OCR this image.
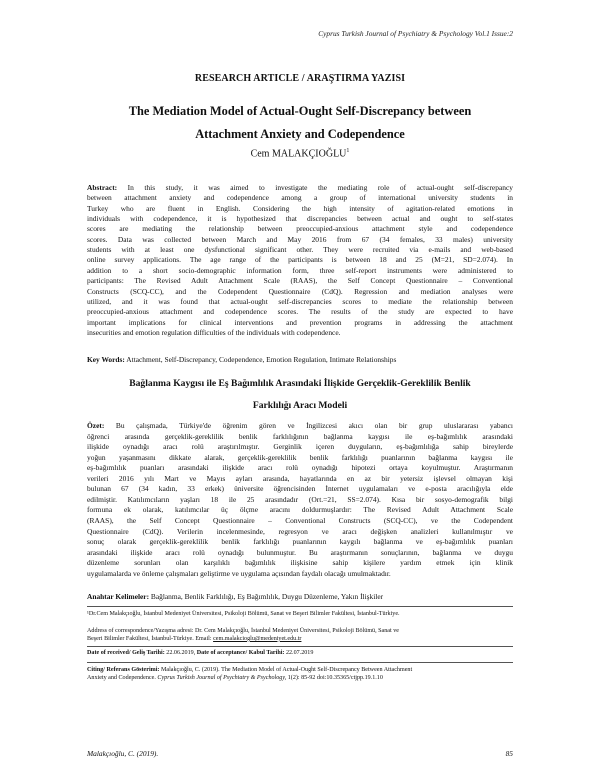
Cyprus Turkish Journal of Psychiatry & Psychology Vol.1 Issue:2
RESEARCH ARTICLE / ARAŞTIRMA YAZISI
The Mediation Model of Actual-Ought Self-Discrepancy between
Attachment Anxiety and Codependence
Cem MALAKÇIOĞLU$^1$
Abstract: In this study, it was aimed to investigate the mediating role of actual-ought self-discrepancy
between attachment anxiety and codependence among a group of international university students in
Turkey who are fluent in English. Considering the high intensity of agitation-related emotions in
individuals with codependence, it is hypothesized that discrepancies between actual and ought to self-states
scores are mediating the relationship between preoccupied-anxious attachment style and codependence
scores. Data was collected between March and May 2016 from 67 (34 females, 33 males) university
students with at least one dysfunctional significant other. They were recruited via e-mails and web-based
online survey applications. The age range of the participants is between 18 and 25 (M=21, SD=2.074). In
addition to a short socio-demographic information form, three self-report instruments were administered to
participants: The Revised Adult Attachment Scale (RAAS), the Self Concept Questionnaire – Conventional
Constructs (SCQ-CC), and the Codependent Questionnaire (CdQ). Regression and mediation analyses were
utilized, and it was found that actual-ought self-discrepancies scores to mediate the relationship between
preoccupied-anxious attachment and codependence scores. The results of the study are expected to have
important implications for clinical interventions and prevention programs in addressing the attachment
insecurities and emotion regulation difficulties of the individuals with codependence.
Key Words: Attachment, Self-Discrepancy, Codependence, Emotion Regulation, Intimate Relationships
Bağlanma Kaygısı ile Eş Bağımlılık Arasındaki İlişkide Gerçeklik-Gereklilik Benlik
Farklılığı Aracı Modeli
Özet: Bu çalışmada, Türkiye'de öğrenim gören ve İngilizcesi akıcı olan bir grup uluslararası yabancı
öğrenci arasında gerçeklik-gereklilik benlik farklılığının bağlanma kaygısı ile eş-bağımlılık arasındaki
ilişkide oynadığı aracı rolü araştırılmıştır. Gerginlik içeren duyguların, eş-bağımlılığa sahip bireylerde
yoğun yaşanmasını dikkate alarak, gerçeklik-gereklilik benlik farklılığı puanlarının bağlanma kaygısı ile
eş-bağımlılık puanları arasındaki ilişkide aracı rolü oynadığı hipotezi ortaya koyulmuştur. Araştırmanın
verileri 2016 yılı Mart ve Mayıs ayları arasında, hayatlarında en az bir yetersiz işlevsel olmayan kişi
bulunan 67 (34 kadın, 33 erkek) üniversite öğrencisinden İnternet uygulamaları ve e-posta aracılığıyla elde
edilmiştir. Katılımcıların yaşları 18 ile 25 arasındadır (Ort.=21, SS=2.074). Kısa bir sosyo-demografik bilgi
formuna ek olarak, katılımcılar üç ölçme aracını doldurmuşlardır: The Revised Adult Attachment Scale
(RAAS), the Self Concept Questionnaire – Conventional Constructs (SCQ-CC), ve the Codependent
Questionnaire (CdQ). Verilerin incelenmesinde, regresyon ve aracı değişken analizleri kullanılmıştır ve
sonuç olarak gerçeklik-gereklilik benlik farklılığı puanlarının kaygılı bağlanma ve eş-bağımlılık puanları
arasındaki ilişkide aracı rolü oynadığı bulunmuştur. Bu araştırmanın sonuçlarının, bağlanma ve duygu
düzenleme sorunları olan karşılıklı bağımlılık ilişkisine sahip kişilere yardım etmek için klinik
uygulamalarda ve önleme çalışmaları geliştirme ve uygulama açısından faydalı olacağı umulmaktadır.
Anahtar Kelimeler: Bağlanma, Benlik Farklılığı, Eş Bağımlılık, Duygu Düzenleme, Yakın İlişkiler
¹Dr.Cem Malakçıoğlu, İstanbul Medeniyet Üniversitesi, Psikoloji Bölümü, Sanat ve Beşeri Bilimler Fakültesi, İstanbul-Türkiye.
Address of correspondence/Yazışma adresi: Dr. Cem Malakçıoğlu, İstanbul Medeniyet Üniversitesi, Psikoloji Bölümü, Sanat ve
Beşeri Bilimler Fakültesi, İstanbul-Türkiye. Email: cem.malakcioglu@medeniyet.edu.tr
Date of received/ Geliş Tarihi: 22.06.2019, Date of acceptance/ Kabul Tarihi: 22.07.2019
Citing/ Referans Gösterimi: Malakçıoğlu, C. (2019). The Mediation Model of Actual-Ought Self-Discrepancy Between Attachment
Anxiety and Codependence. Cyprus Turkish Journal of Psychiatry & Psychology, 1(2): 85-92 doi:10.35365/ctjpp.19.1.10
Malakçıoğlu, C. (2019).	85
